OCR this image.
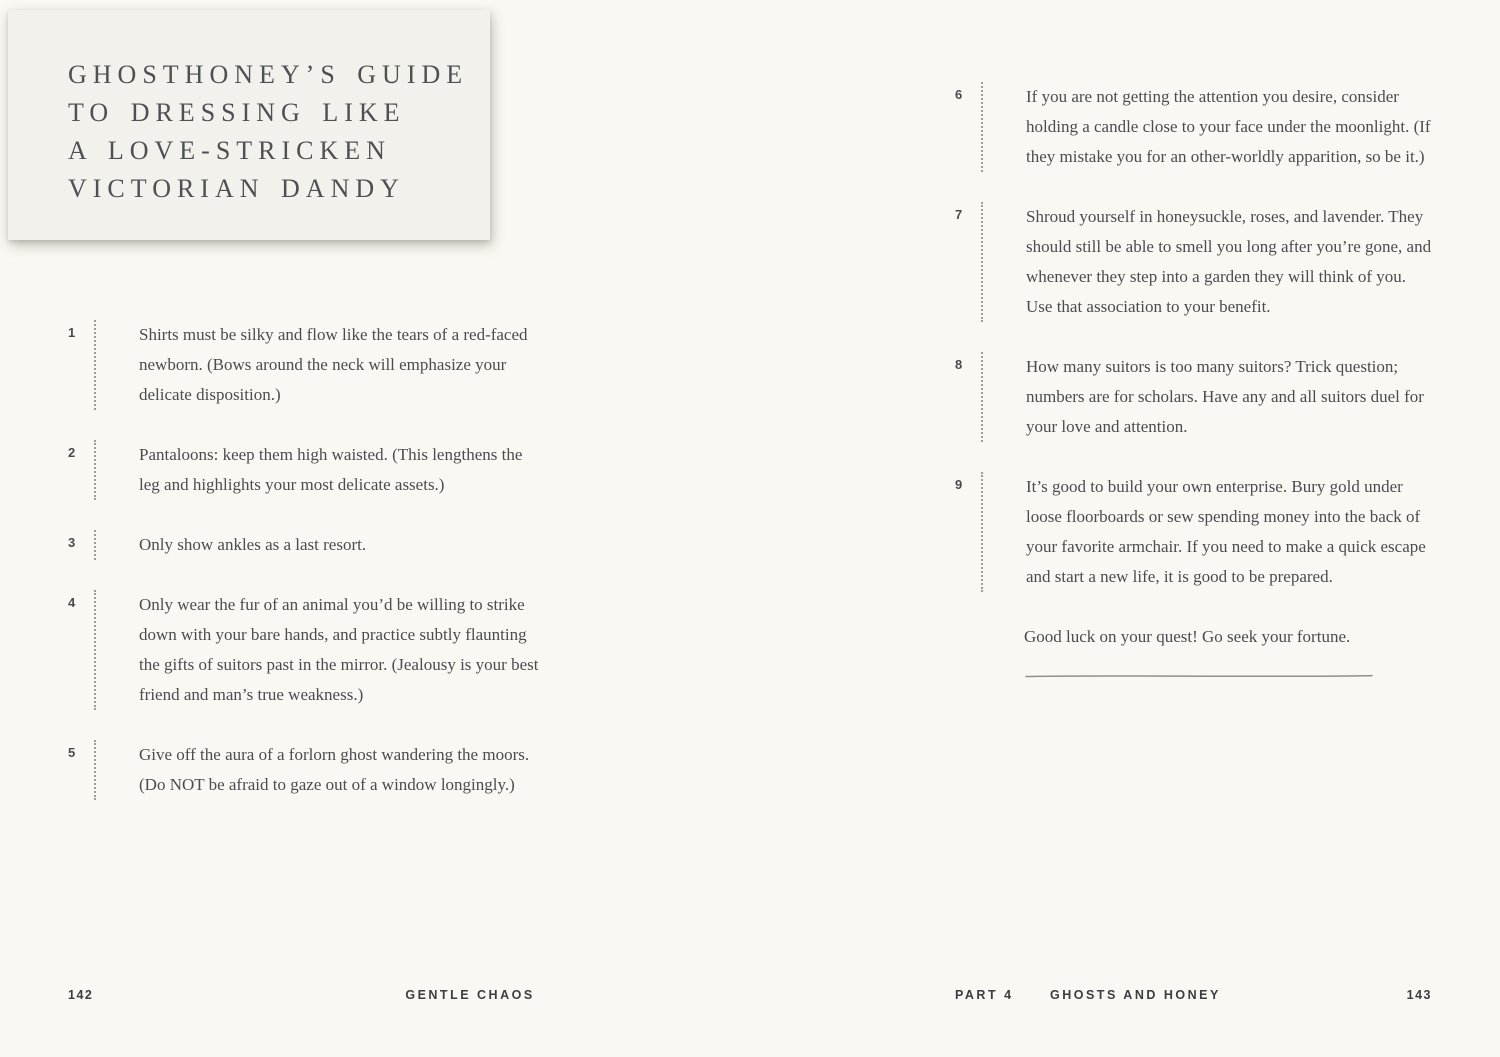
GHOSTHONEY’S GUIDE
TO DRESSING LIKE
A LOVE-STRICKEN
VICTORIAN DANDY
1	Shirts must be silky and flow like the tears of a red-faced newborn. (Bows around the neck will emphasize your delicate disposition.)
2	Pantaloons: keep them high waisted. (This lengthens the leg and highlights your most delicate assets.)
3	Only show ankles as a last resort.
4	Only wear the fur of an animal you’d be willing to strike down with your bare hands, and practice subtly flaunting the gifts of suitors past in the mirror. (Jealousy is your best friend and man’s true weakness.)
5	Give off the aura of a forlorn ghost wandering the moors. (Do NOT be afraid to gaze out of a window longingly.)
142	GENTLE CHAOS
6	If you are not getting the attention you desire, consider holding a candle close to your face under the moonlight. (If they mistake you for an other-worldly apparition, so be it.)
7	Shroud yourself in honeysuckle, roses, and lavender. They should still be able to smell you long after you’re gone, and whenever they step into a garden they will think of you. Use that association to your benefit.
8	How many suitors is too many suitors? Trick question; numbers are for scholars. Have any and all suitors duel for your love and attention.
9	It’s good to build your own enterprise. Bury gold under loose floorboards or sew spending money into the back of your favorite armchair. If you need to make a quick escape and start a new life, it is good to be prepared.
Good luck on your quest! Go seek your fortune.
PART 4	GHOSTS AND HONEY	143
